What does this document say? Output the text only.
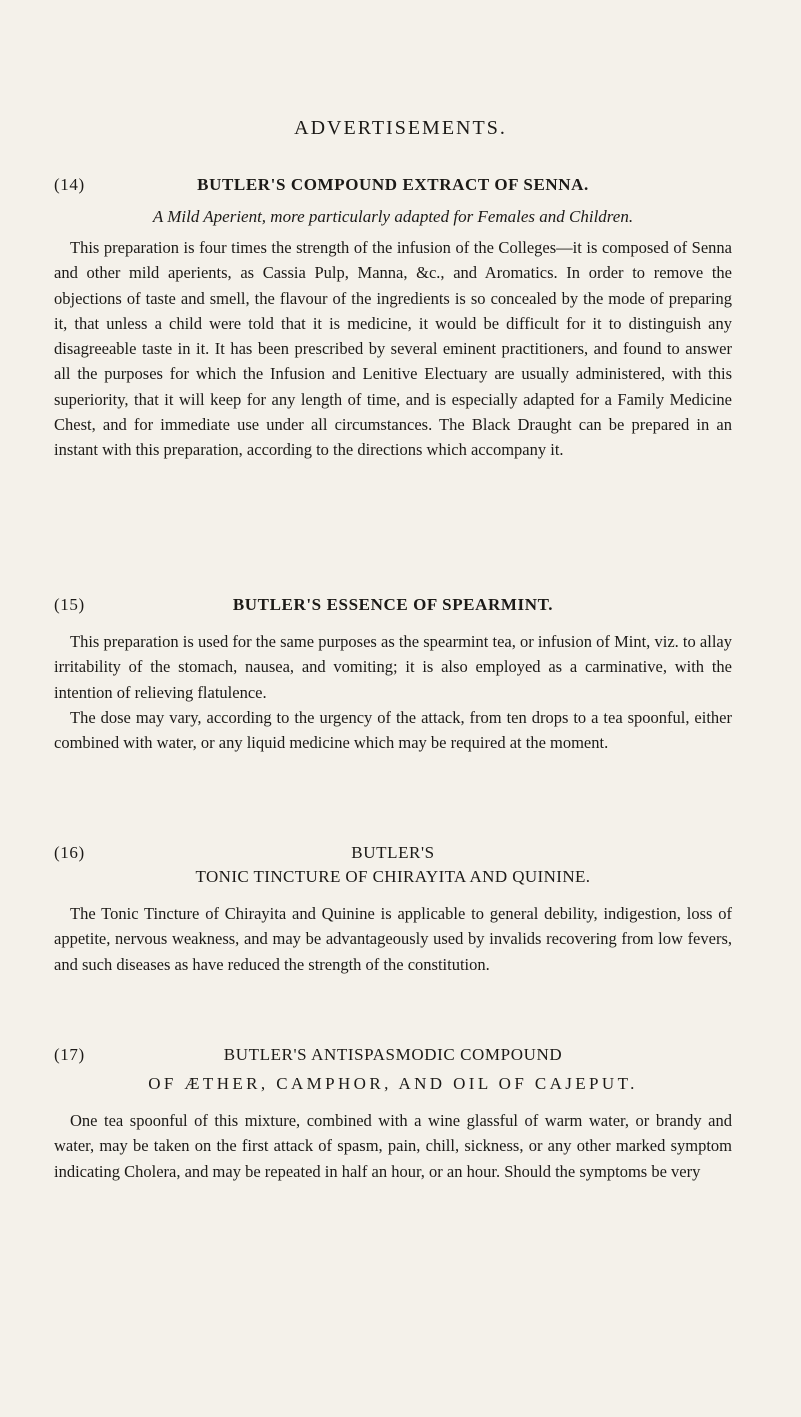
ADVERTISEMENTS.
(14)	BUTLER'S COMPOUND EXTRACT OF SENNA.
A Mild Aperient, more particularly adapted for Females and Children.

This preparation is four times the strength of the infusion of the Colleges—it is composed of Senna and other mild aperients, as Cassia Pulp, Manna, &c., and Aromatics. In order to remove the objections of taste and smell, the flavour of the ingredients is so concealed by the mode of preparing it, that unless a child were told that it is medicine, it would be difficult for it to distinguish any disagreeable taste in it. It has been prescribed by several eminent practitioners, and found to answer all the purposes for which the Infusion and Lenitive Electuary are usually administered, with this superiority, that it will keep for any length of time, and is especially adapted for a Family Medicine Chest, and for immediate use under all circumstances. The Black Draught can be prepared in an instant with this preparation, according to the directions which accompany it.

(15)	BUTLER'S ESSENCE OF SPEARMINT.

This preparation is used for the same purposes as the spearmint tea, or infusion of Mint, viz. to allay irritability of the stomach, nausea, and vomiting; it is also employed as a carminative, with the intention of relieving flatulence.

The dose may vary, according to the urgency of the attack, from ten drops to a tea spoonful, either combined with water, or any liquid medicine which may be required at the moment.

(16)	BUTLER'S
TONIC TINCTURE OF CHIRAYITA AND QUININE.

The Tonic Tincture of Chirayita and Quinine is applicable to general debility, indigestion, loss of appetite, nervous weakness, and may be advantageously used by invalids recovering from low fevers, and such diseases as have reduced the strength of the constitution.

(17)	BUTLER'S ANTISPASMODIC COMPOUND
OF ÆTHER, CAMPHOR, AND OIL OF CAJEPUT.

One tea spoonful of this mixture, combined with a wine glassful of warm water, or brandy and water, may be taken on the first attack of spasm, pain, chill, sickness, or any other marked symptom indicating Cholera, and may be repeated in half an hour, or an hour. Should the symptoms be very
